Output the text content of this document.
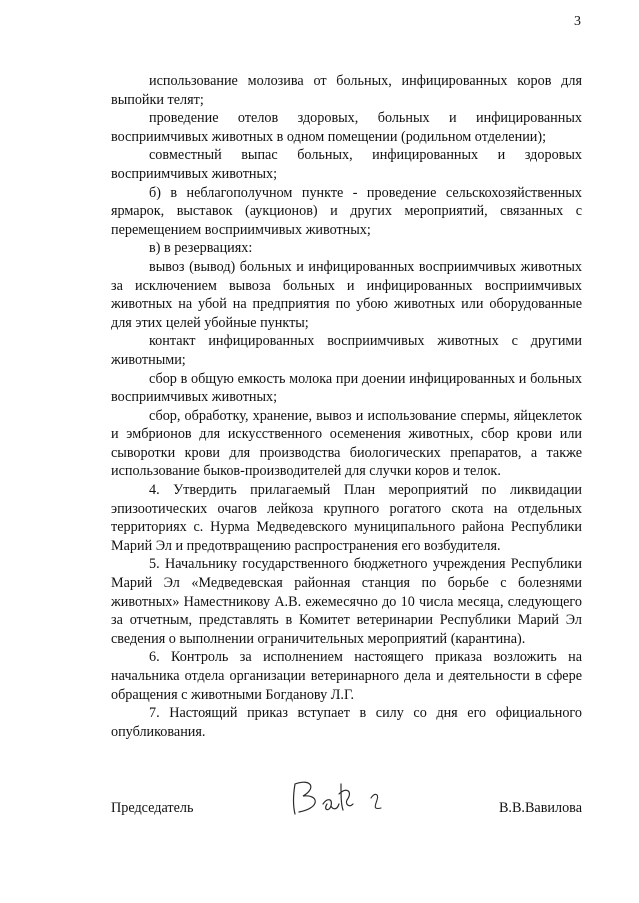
3

использование молозива от больных, инфицированных коров для выпойки телят;

проведение отелов здоровых, больных и инфицированных восприимчивых животных в одном помещении (родильном отделении);

совместный выпас больных, инфицированных и здоровых восприимчивых животных;

б) в неблагополучном пункте - проведение сельскохозяйственных ярмарок, выставок (аукционов) и других мероприятий, связанных с перемещением восприимчивых животных;

в) в резервациях:

вывоз (вывод) больных и инфицированных восприимчивых животных за исключением вывоза больных и инфицированных восприимчивых животных на убой на предприятия по убою животных или оборудованные для этих целей убойные пункты;

контакт инфицированных восприимчивых животных с другими животными;

сбор в общую емкость молока при доении инфицированных и больных восприимчивых животных;

сбор, обработку, хранение, вывоз и использование спермы, яйцеклеток и эмбрионов для искусственного осеменения животных, сбор крови или сыворотки крови для производства биологических препаратов, а также использование быков-производителей для случки коров и телок.

4. Утвердить прилагаемый План мероприятий по ликвидации эпизоотических очагов лейкоза крупного рогатого скота на отдельных территориях с. Нурма Медведевского муниципального района Республики Марий Эл и предотвращению распространения его возбудителя.

5. Начальнику государственного бюджетного учреждения Республики Марий Эл «Медведевская районная станция по борьбе с болезнями животных» Наместникову А.В. ежемесячно до 10 числа месяца, следующего за отчетным, представлять в Комитет ветеринарии Республики Марий Эл сведения о выполнении ограничительных мероприятий (карантина).

6. Контроль за исполнением настоящего приказа возложить на начальника отдела организации ветеринарного дела и деятельности в сфере обращения с животными Богданову Л.Г.

7. Настоящий приказ вступает в силу со дня его официального опубликования.

Председатель	В.В.Вавилова
